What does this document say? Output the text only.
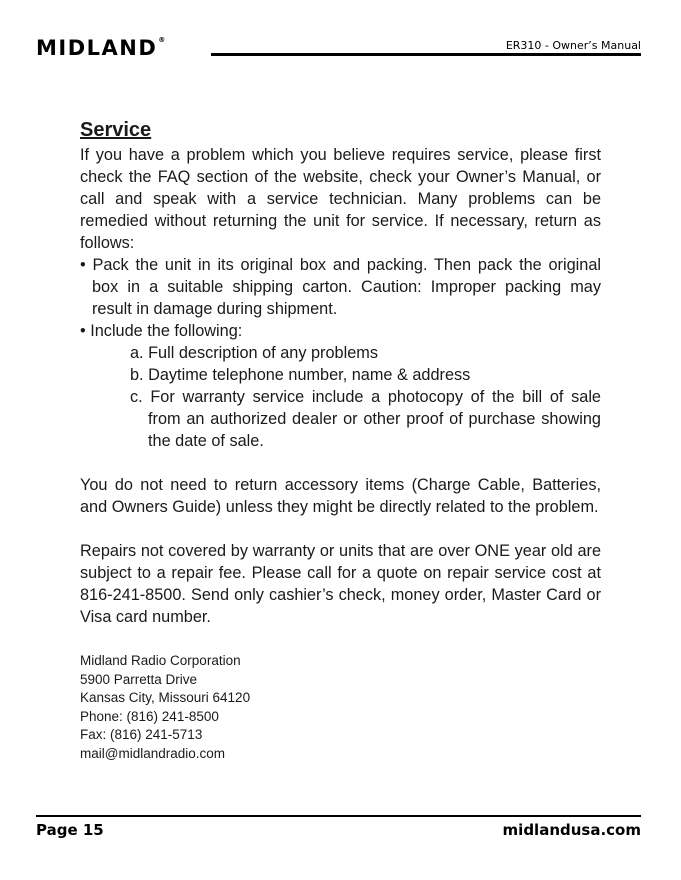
MIDLAND®	ER310 - Owner’s Manual
Service

If you have a problem which you believe requires service, please first check the FAQ section of the website, check your Owner’s Manual, or call and speak with a service technician. Many problems can be remedied without returning the unit for service. If necessary, return as follows:

• Pack the unit in its original box and packing. Then pack the original box in a suitable shipping carton. Caution: Improper packing may result in damage during shipment.

• Include the following:

a. Full description of any problems
b. Daytime telephone number, name & address
c. For warranty service include a photocopy of the bill of sale from an authorized dealer or other proof of purchase showing the date of sale.

You do not need to return accessory items (Charge Cable, Batteries, and Owners Guide) unless they might be directly related to the problem.

Repairs not covered by warranty or units that are over ONE year old are subject to a repair fee. Please call for a quote on repair service cost at 816-241-8500. Send only cashier’s check, money order, Master Card or Visa card number.

Midland Radio Corporation
5900 Parretta Drive
Kansas City, Missouri 64120
Phone: (816) 241-8500
Fax: (816) 241-5713
mail@midlandradio.com
Page 15	midlandusa.com
